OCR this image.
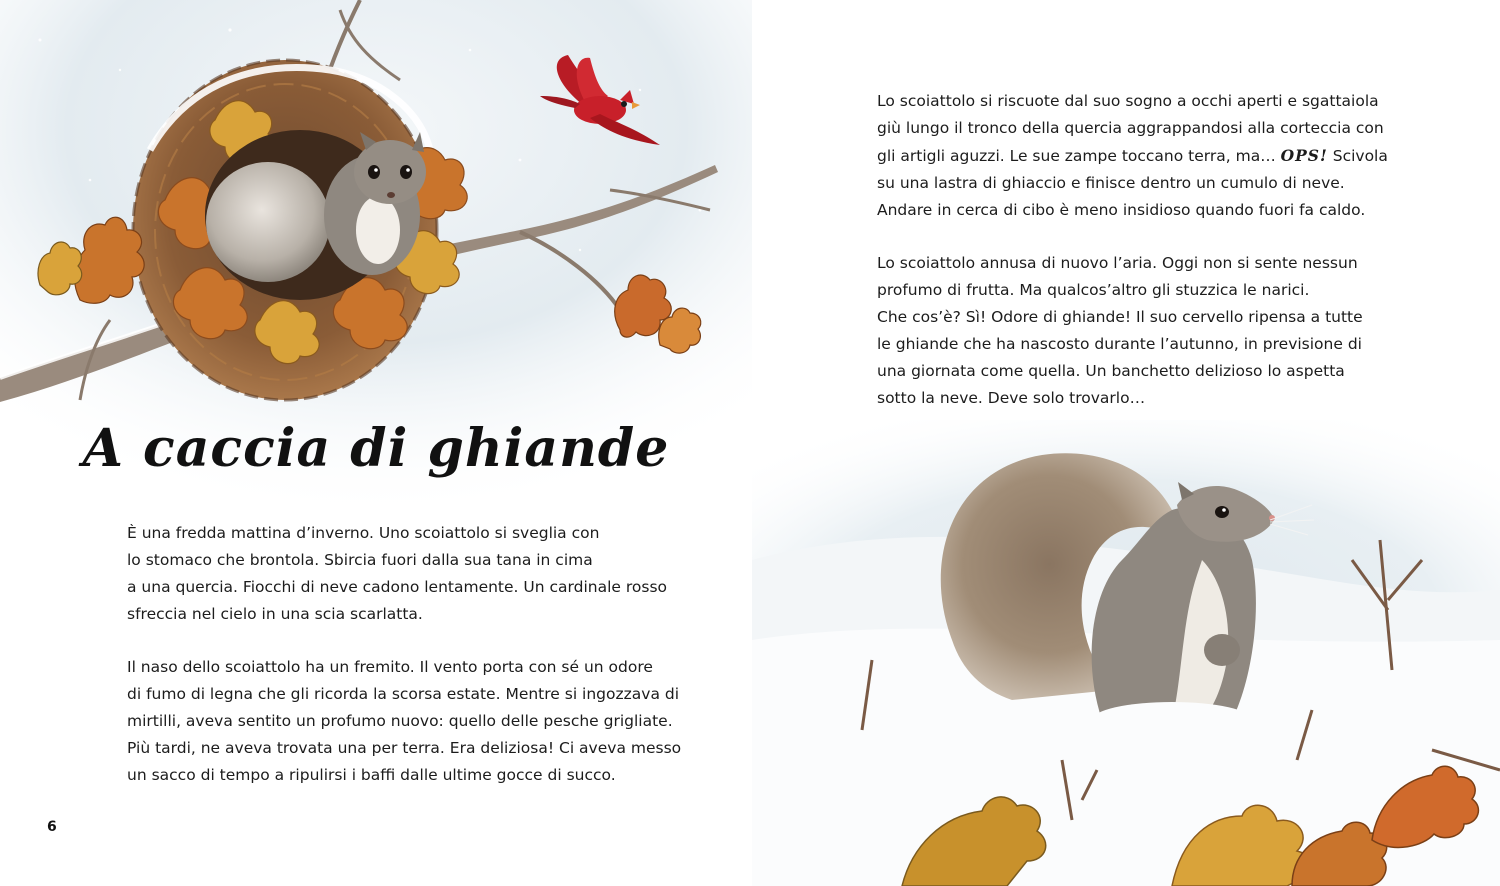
A caccia di ghiande

È una fredda mattina d’inverno. Uno scoiattolo si sveglia con
lo stomaco che brontola. Sbircia fuori dalla sua tana in cima
a una quercia. Fiocchi di neve cadono lentamente. Un cardinale rosso
sfreccia nel cielo in una scia scarlatta.

Il naso dello scoiattolo ha un fremito. Il vento porta con sé un odore
di fumo di legna che gli ricorda la scorsa estate. Mentre si ingozzava di
mirtilli, aveva sentito un profumo nuovo: quello delle pesche grigliate.
Più tardi, ne aveva trovata una per terra. Era deliziosa! Ci aveva messo
un sacco di tempo a ripulirsi i baffi dalle ultime gocce di succo.

6

Lo scoiattolo si riscuote dal suo sogno a occhi aperti e sgattaiola
giù lungo il tronco della quercia aggrappandosi alla corteccia con
gli artigli aguzzi. Le sue zampe toccano terra, ma… OPS! Scivola
su una lastra di ghiaccio e finisce dentro un cumulo di neve.
Andare in cerca di cibo è meno insidioso quando fuori fa caldo.

Lo scoiattolo annusa di nuovo l’aria. Oggi non si sente nessun
profumo di frutta. Ma qualcos’altro gli stuzzica le narici.
Che cos’è? Sì! Odore di ghiande! Il suo cervello ripensa a tutte
le ghiande che ha nascosto durante l’autunno, in previsione di
una giornata come quella. Un banchetto delizioso lo aspetta
sotto la neve. Deve solo trovarlo…
